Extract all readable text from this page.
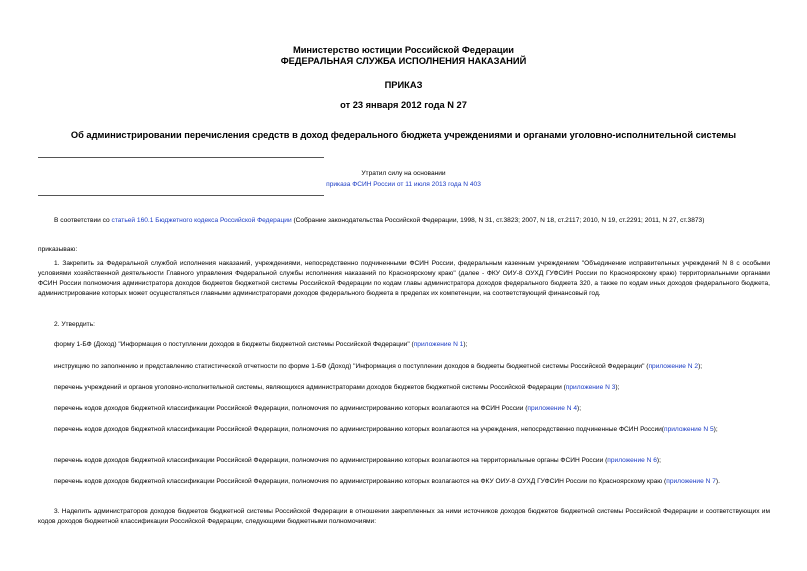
Министерство юстиции Российской Федерации
ФЕДЕРАЛЬНАЯ СЛУЖБА ИСПОЛНЕНИЯ НАКАЗАНИЙ
ПРИКАЗ
от 23 января 2012 года N 27
Об администрировании перечисления средств в доход федерального бюджета учреждениями и органами уголовно-исполнительной системы
Утратил силу на основании
приказа ФСИН России от 11 июля 2013 года N 403
В соответствии со статьей 160.1 Бюджетного кодекса Российской Федерации (Собрание законодательства Российской Федерации, 1998, N 31, ст.3823; 2007, N 18, ст.2117; 2010, N 19, ст.2291; 2011, N 27, ст.3873)
приказываю:
1. Закрепить за Федеральной службой исполнения наказаний, учреждениями, непосредственно подчиненными ФСИН России, федеральным казенным учреждением "Объединение исправительных учреждений N 8 с особыми условиями хозяйственной деятельности Главного управления Федеральной службы исполнения наказаний по Красноярскому краю" (далее - ФКУ ОИУ-8 ОУХД ГУФСИН России по Красноярскому краю) территориальными органами ФСИН России полномочия администратора доходов бюджетов бюджетной системы Российской Федерации по кодам главы администратора доходов федерального бюджета 320, а также по кодам иных доходов федерального бюджета, администрирование которых может осуществляться главными администраторами доходов федерального бюджета в пределах их компетенции, на соответствующий финансовый год.
2. Утвердить:
форму 1-БФ (Доход) "Информация о поступлении доходов в бюджеты бюджетной системы Российской Федерации" (приложение N 1);
инструкцию по заполнению и представлению статистической отчетности по форме 1-БФ (Доход) "Информация о поступлении доходов в бюджеты бюджетной системы Российской Федерации" (приложение N 2);
перечень учреждений и органов уголовно-исполнительной системы, являющихся администраторами доходов бюджетов бюджетной системы Российской Федерации (приложение N 3);
перечень кодов доходов бюджетной классификации Российской Федерации, полномочия по администрированию которых возлагаются на ФСИН России (приложение N 4);
перечень кодов доходов бюджетной классификации Российской Федерации, полномочия по администрированию которых возлагаются на учреждения, непосредственно подчиненные ФСИН России(приложение N 5);
перечень кодов доходов бюджетной классификации Российской Федерации, полномочия по администрированию которых возлагаются на территориальные органы ФСИН России (приложение N 6);
перечень кодов доходов бюджетной классификации Российской Федерации, полномочия по администрированию которых возлагаются на ФКУ ОИУ-8 ОУХД ГУФСИН России по Красноярскому краю (приложение N 7).
3. Наделить администраторов доходов бюджетов бюджетной системы Российской Федерации в отношении закрепленных за ними источников доходов бюджетов бюджетной системы Российской Федерации и соответствующих им кодов доходов бюджетной классификации Российской Федерации, следующими бюджетными полномочиями:
